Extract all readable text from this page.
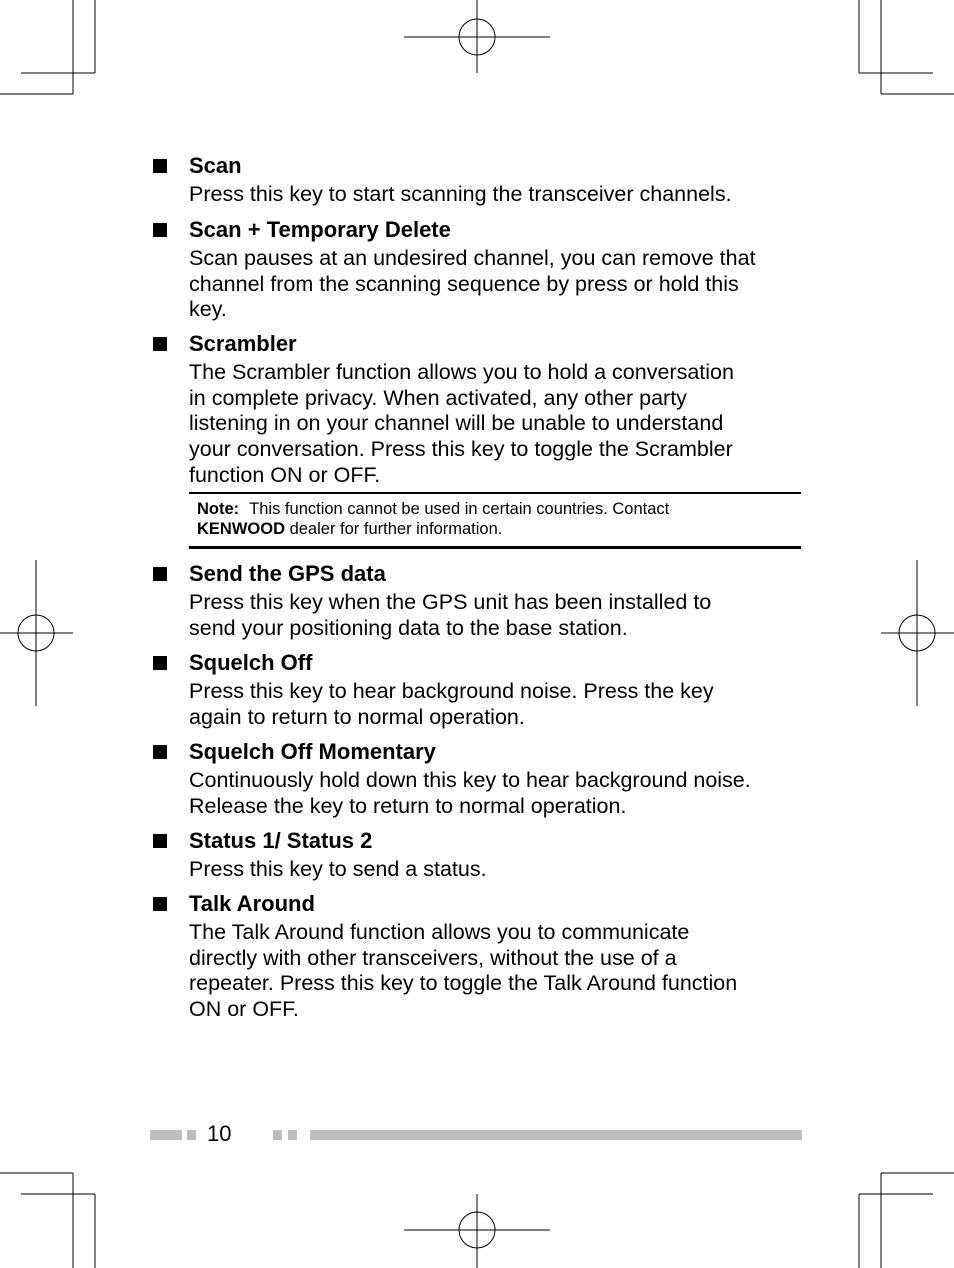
Scan
Press this key to start scanning the transceiver channels.
Scan + Temporary Delete
Scan pauses at an undesired channel, you can remove that
channel from the scanning sequence by press or hold this
key.
Scrambler
The Scrambler function allows you to hold a conversation
in complete privacy. When activated, any other party
listening in on your channel will be unable to understand
your conversation. Press this key to toggle the Scrambler
function ON or OFF.
Note: This function cannot be used in certain countries. Contact
KENWOOD dealer for further information.
Send the GPS data
Press this key when the GPS unit has been installed to
send your positioning data to the base station.
Squelch Off
Press this key to hear background noise. Press the key
again to return to normal operation.
Squelch Off Momentary
Continuously hold down this key to hear background noise.
Release the key to return to normal operation.
Status 1/ Status 2
Press this key to send a status.
Talk Around
The Talk Around function allows you to communicate
directly with other transceivers, without the use of a
repeater. Press this key to toggle the Talk Around function
ON or OFF.
10
